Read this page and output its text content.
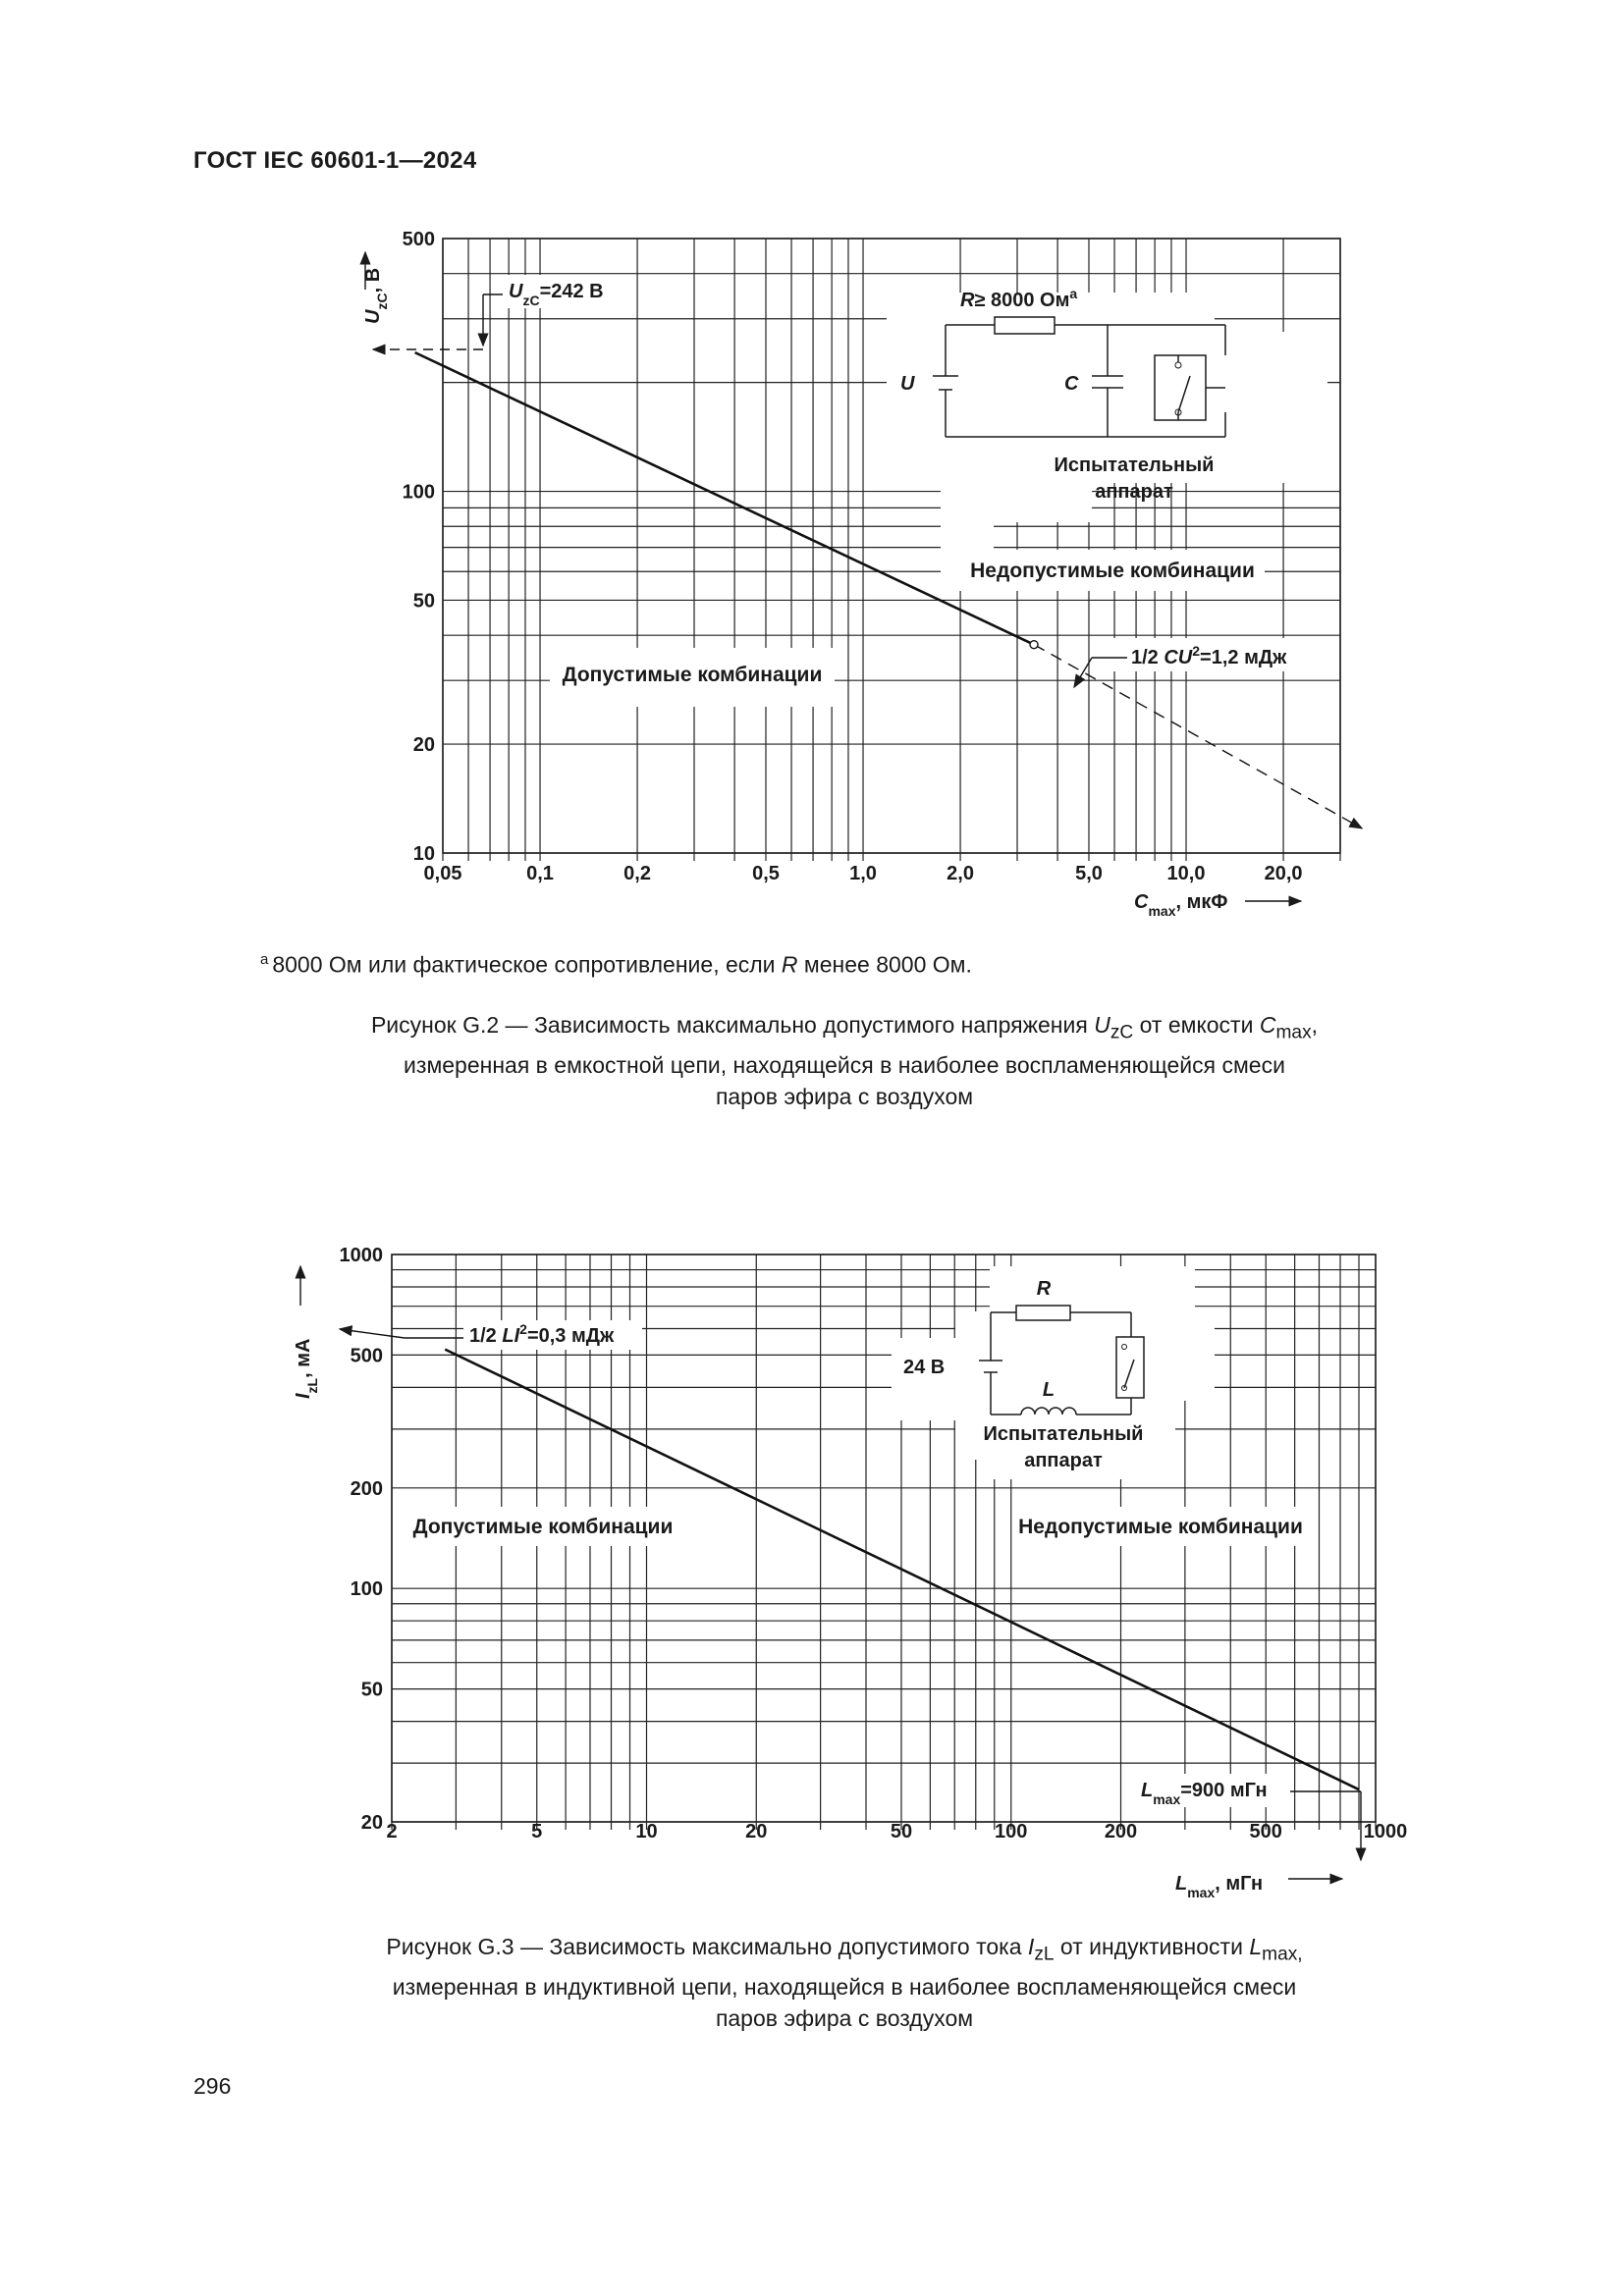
ГОСТ IEC 60601-1—2024
0,05	0,1	0,2	0,5	1,0	2,0	5,0	10,0	20,0
10
20
50
100
500
R≥ 8000 $Ом^a$
U	C
Испытательный
аппарат
$U_{zC}=242$ В
1/2 $CU^2=1,2$ мДж
Допустимые комбинации
Недопустимые комбинации
$U_{zC}$, В
$C_{max}$, мкФ
$^a$ 8000 Ом или фактическое сопротивление, если R менее 8000 Ом.
Рисунок G.2 — Зависимость максимально допустимого напряжения $U_{zC}$ от емкости $C_{max}$,
измеренная в емкостной цепи, находящейся в наиболее воспламеняющейся смеси
паров эфира с воздухом
2	5	10	20	50	100	200	500	1000
20
50
100
200
500
1000
R
24 В
L
Испытательный
аппарат
1/2 $LI^2=0,3$ мДж
$L_{max}=900$ мГн
Допустимые комбинации	Недопустимые комбинации
$I_{zL}$, мА
$L_{max}$, мГн
Рисунок G.3 — Зависимость максимально допустимого тока $I_{zL}$ от индуктивности $L_{max,}$
измеренная в индуктивной цепи, находящейся в наиболее воспламеняющейся смеси
паров эфира с воздухом
296
